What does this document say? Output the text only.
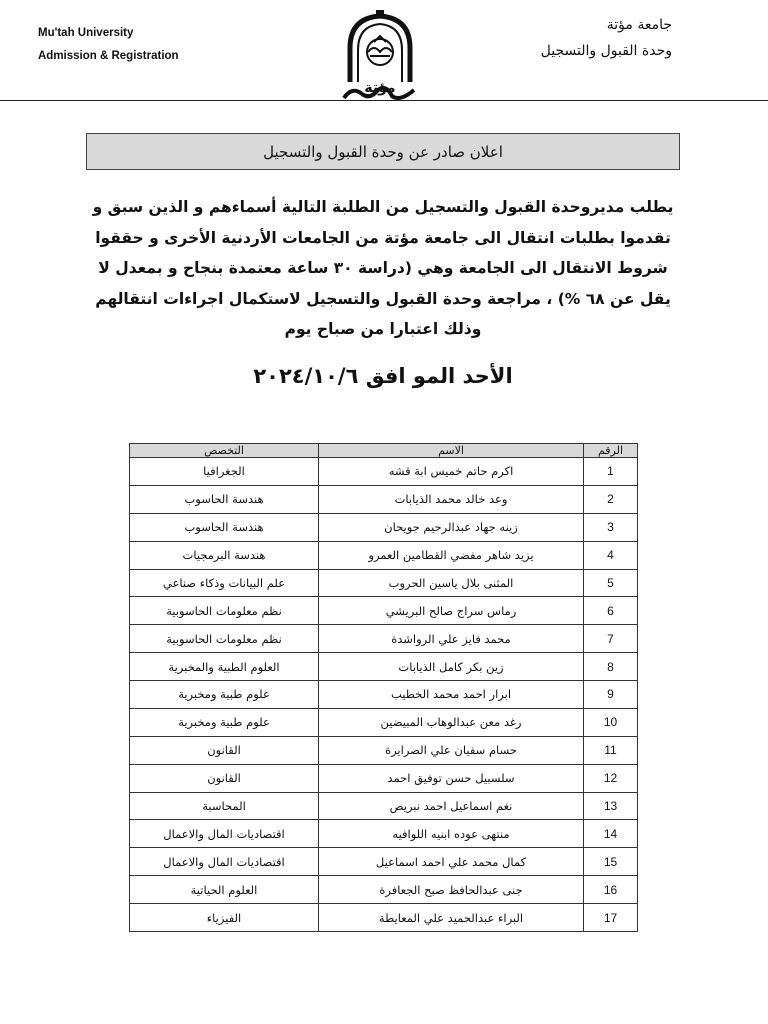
Mu'tah University
Admission & Registration
مؤتة
جامعة مؤتة
وحدة القبول والتسجيل
اعلان صادر عن وحدة القبول والتسجيل
يطلب مديروحدة القبول والتسجيل من الطلبة التالية أسماءهم و الذين سبق و تقدموا بطلبات انتقال الى جامعة مؤتة من الجامعات الأردنية الأخرى و حققوا شروط الانتقال الى الجامعة وهي (دراسة ٣٠ ساعة معتمدة بنجاح و بمعدل لا يقل عن ٦٨ %) ، مراجعة وحدة القبول والتسجيل لاستكمال اجراءات انتقالهم وذلك اعتبارا من صباح يوم
الأحد المو افق ٢٠٢٤/١٠/٦
الرقم	الاسم	التخصص
1	اكرم حاتم خميس ابة قشه	الجغرافيا
2	وعد خالد محمد الذيابات	هندسة الحاسوب
3	زينه جهاد عبدالرحيم جويحان	هندسة الحاسوب
4	يزيد شاهر مفضي القطامين العمرو	هندسة البرمجيات
5	المثنى بلال ياسين الحروب	علم البيانات وذكاء صناعي
6	رماس سراج صالح البريشي	نظم معلومات الحاسوبية
7	محمد فايز علي الرواشدة	نظم معلومات الحاسوبية
8	زين بكر كامل الذيابات	العلوم الطبية والمخبرية
9	ابرار احمد محمد الخطيب	علوم طبية ومخبرية
10	رغد معن عبدالوهاب المبيضين	علوم طبية ومخبرية
11	حسام سفيان علي الصرايرة	القانون
12	سلسبيل حسن توفيق احمد	القانون
13	نغم اسماعيل احمد نبريص	المحاسبة
14	منتهى عوده ابنيه اللوافيه	اقتصاديات المال والاعمال
15	كمال محمد علي احمد اسماعيل	اقتصاديات المال والاعمال
16	جنى عبدالحافظ صبح الجعافرة	العلوم الحياتية
17	البراء عبدالحميد علي المعايطة	الفيزياء
